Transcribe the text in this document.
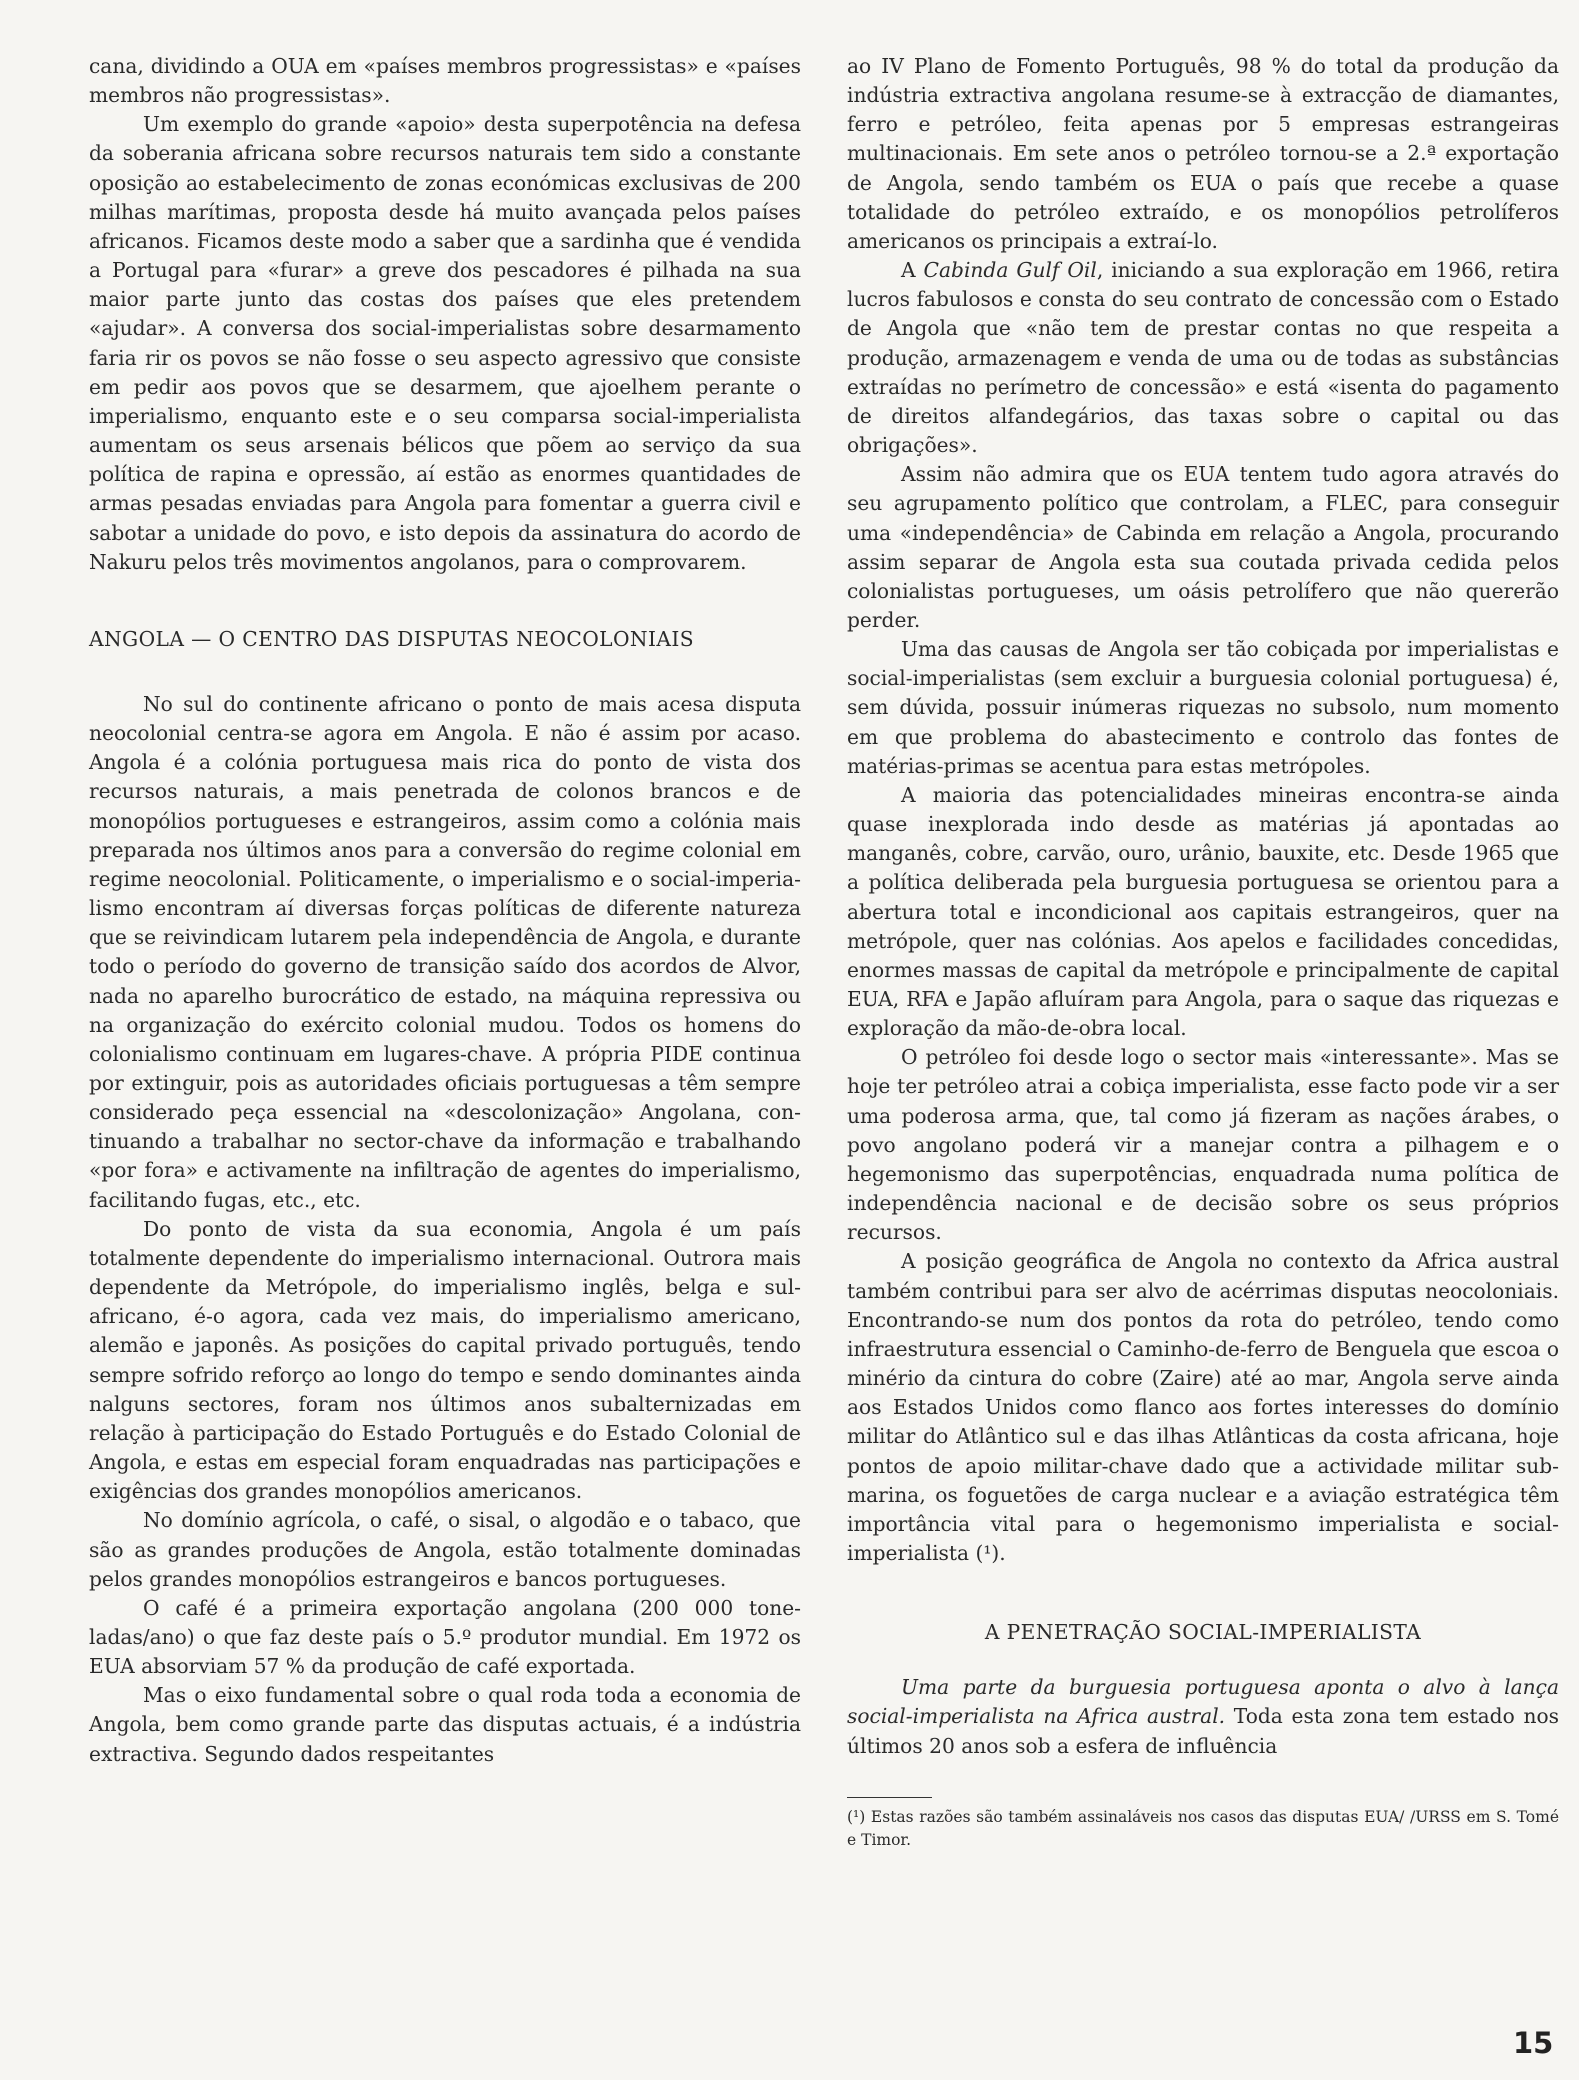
cana, dividindo a OUA em «países membros progressistas» e «países membros não progressistas».

Um exemplo do grande «apoio» desta superpotência na defesa da soberania africana sobre recursos naturais tem sido a constante oposição ao estabelecimento de zonas económicas exclusivas de 200 milhas marítimas, proposta desde há muito avançada pelos países africanos. Ficamos deste modo a saber que a sardinha que é vendida a Portugal para «furar» a greve dos pescadores é pilhada na sua maior parte junto das costas dos países que eles pretendem «ajudar». A conversa dos social-imperialistas sobre desarmamento faria rir os povos se não fosse o seu aspecto agressivo que consiste em pedir aos povos que se desarmem, que ajoelhem perante o imperialismo, enquanto este e o seu comparsa social-imperialista aumentam os seus arsenais bélicos que põem ao serviço da sua política de rapina e opressão, aí estão as enormes quantidades de armas pesadas enviadas para Angola para fomentar a guerra civil e sabotar a unidade do povo, e isto depois da assinatura do acordo de Nakuru pelos três movimentos angolanos, para o comprovarem.

ANGOLA — O CENTRO DAS DISPUTAS NEOCOLONIAIS

No sul do continente africano o ponto de mais acesa disputa neocolonial centra-se agora em Angola. E não é assim por acaso. Angola é a colónia portuguesa mais rica do ponto de vista dos recursos naturais, a mais penetrada de colonos brancos e de monopólios portugueses e estrangeiros, assim como a colónia mais preparada nos últimos anos para a conversão do regime colonial em regime neocolonial. Politicamente, o imperialismo e o social-imperialismo encontram aí diversas forças políticas de diferente natureza que se reivindicam lutarem pela independência de Angola, e durante todo o período do governo de transição saído dos acordos de Alvor, nada no aparelho burocrático de estado, na máquina repressiva ou na organização do exército colonial mudou. Todos os homens do colonialismo continuam em lugares-chave. A própria PIDE continua por extinguir, pois as autoridades oficiais portuguesas a têm sempre considerado peça essencial na «descolonização» Angolana, continuando a trabalhar no sector-chave da informação e trabalhando «por fora» e activamente na infiltração de agentes do imperialismo, facilitando fugas, etc., etc.

Do ponto de vista da sua economia, Angola é um país totalmente dependente do imperialismo internacional. Outrora mais dependente da Metrópole, do imperialismo inglês, belga e sul-africano, é-o agora, cada vez mais, do imperialismo americano, alemão e japonês. As posições do capital privado português, tendo sempre sofrido reforço ao longo do tempo e sendo dominantes ainda nalguns sectores, foram nos últimos anos subalternizadas em relação à participação do Estado Português e do Estado Colonial de Angola, e estas em especial foram enquadradas nas participações e exigências dos grandes monopólios americanos.

No domínio agrícola, o café, o sisal, o algodão e o tabaco, que são as grandes produções de Angola, estão totalmente dominadas pelos grandes monopólios estrangeiros e bancos portugueses.

O café é a primeira exportação angolana (200 000 toneladas/ano) o que faz deste país o 5.º produtor mundial. Em 1972 os EUA absorviam 57 % da produção de café exportada.

Mas o eixo fundamental sobre o qual roda toda a economia de Angola, bem como grande parte das disputas actuais, é a indústria extractiva. Segundo dados respeitantes

ao IV Plano de Fomento Português, 98 % do total da produção da indústria extractiva angolana resume-se à extracção de diamantes, ferro e petróleo, feita apenas por 5 empresas estrangeiras multinacionais. Em sete anos o petróleo tornou-se a 2.ª exportação de Angola, sendo também os EUA o país que recebe a quase totalidade do petróleo extraído, e os monopólios petrolíferos americanos os principais a extraí-lo.

A Cabinda Gulf Oil, iniciando a sua exploração em 1966, retira lucros fabulosos e consta do seu contrato de concessão com o Estado de Angola que «não tem de prestar contas no que respeita a produção, armazenagem e venda de uma ou de todas as substâncias extraídas no perímetro de concessão» e está «isenta do pagamento de direitos alfandegários, das taxas sobre o capital ou das obrigações».

Assim não admira que os EUA tentem tudo agora através do seu agrupamento político que controlam, a FLEC, para conseguir uma «independência» de Cabinda em relação a Angola, procurando assim separar de Angola esta sua coutada privada cedida pelos colonialistas portugueses, um oásis petrolífero que não quererão perder.

Uma das causas de Angola ser tão cobiçada por imperialistas e social-imperialistas (sem excluir a burguesia colonial portuguesa) é, sem dúvida, possuir inúmeras riquezas no subsolo, num momento em que problema do abastecimento e controlo das fontes de matérias-primas se acentua para estas metrópoles.

A maioria das potencialidades mineiras encontra-se ainda quase inexplorada indo desde as matérias já apontadas ao manganês, cobre, carvão, ouro, urânio, bauxite, etc. Desde 1965 que a política deliberada pela burguesia portuguesa se orientou para a abertura total e incondicional aos capitais estrangeiros, quer na metrópole, quer nas colónias. Aos apelos e facilidades concedidas, enormes massas de capital da metrópole e principalmente de capital EUA, RFA e Japão afluíram para Angola, para o saque das riquezas e exploração da mão-de-obra local.

O petróleo foi desde logo o sector mais «interessante». Mas se hoje ter petróleo atrai a cobiça imperialista, esse facto pode vir a ser uma poderosa arma, que, tal como já fizeram as nações árabes, o povo angolano poderá vir a manejar contra a pilhagem e o hegemonismo das superpotências, enquadrada numa política de independência nacional e de decisão sobre os seus próprios recursos.

A posição geográfica de Angola no contexto da Africa austral também contribui para ser alvo de acérrimas disputas neocoloniais. Encontrando-se num dos pontos da rota do petróleo, tendo como infraestrutura essencial o Caminho-de-ferro de Benguela que escoa o minério da cintura do cobre (Zaire) até ao mar, Angola serve ainda aos Estados Unidos como flanco aos fortes interesses do domínio militar do Atlântico sul e das ilhas Atlânticas da costa africana, hoje pontos de apoio militar-chave dado que a actividade militar submarina, os foguetões de carga nuclear e a aviação estratégica têm importância vital para o hegemonismo imperialista e social-imperialista (¹).

A PENETRAÇÃO SOCIAL-IMPERIALISTA

Uma parte da burguesia portuguesa aponta o alvo à lança social-imperialista na Africa austral. Toda esta zona tem estado nos últimos 20 anos sob a esfera de influência

(¹) Estas razões são também assinaláveis nos casos das disputas EUA/ /URSS em S. Tomé e Timor.

15
